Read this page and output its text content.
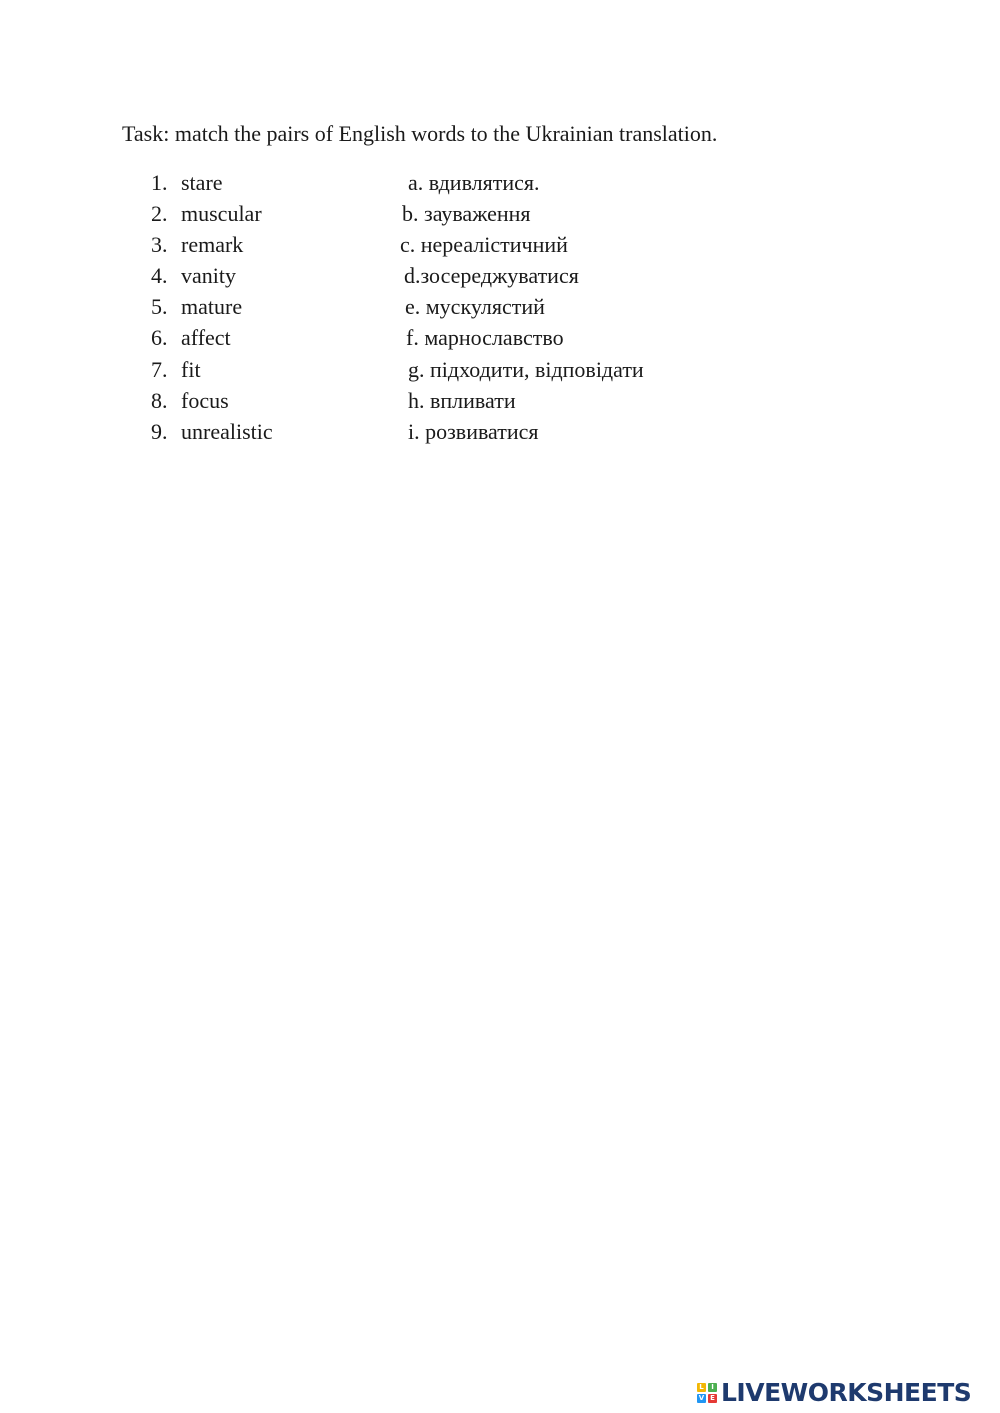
Task: match the pairs of English words to the Ukrainian translation.
1. stare	a. вдивлятися.
2. muscular	b. зауваження
3. remark	c. нереалістичний
4. vanity	d.зосереджуватися
5. mature	e. мускулястий
6. affect	f. марнославство
7. fit	g. підходити, відповідати
8. focus	h. впливати
9. unrealistic	i. розвиватися
L	I
V E LIVEWORKSHEETS
